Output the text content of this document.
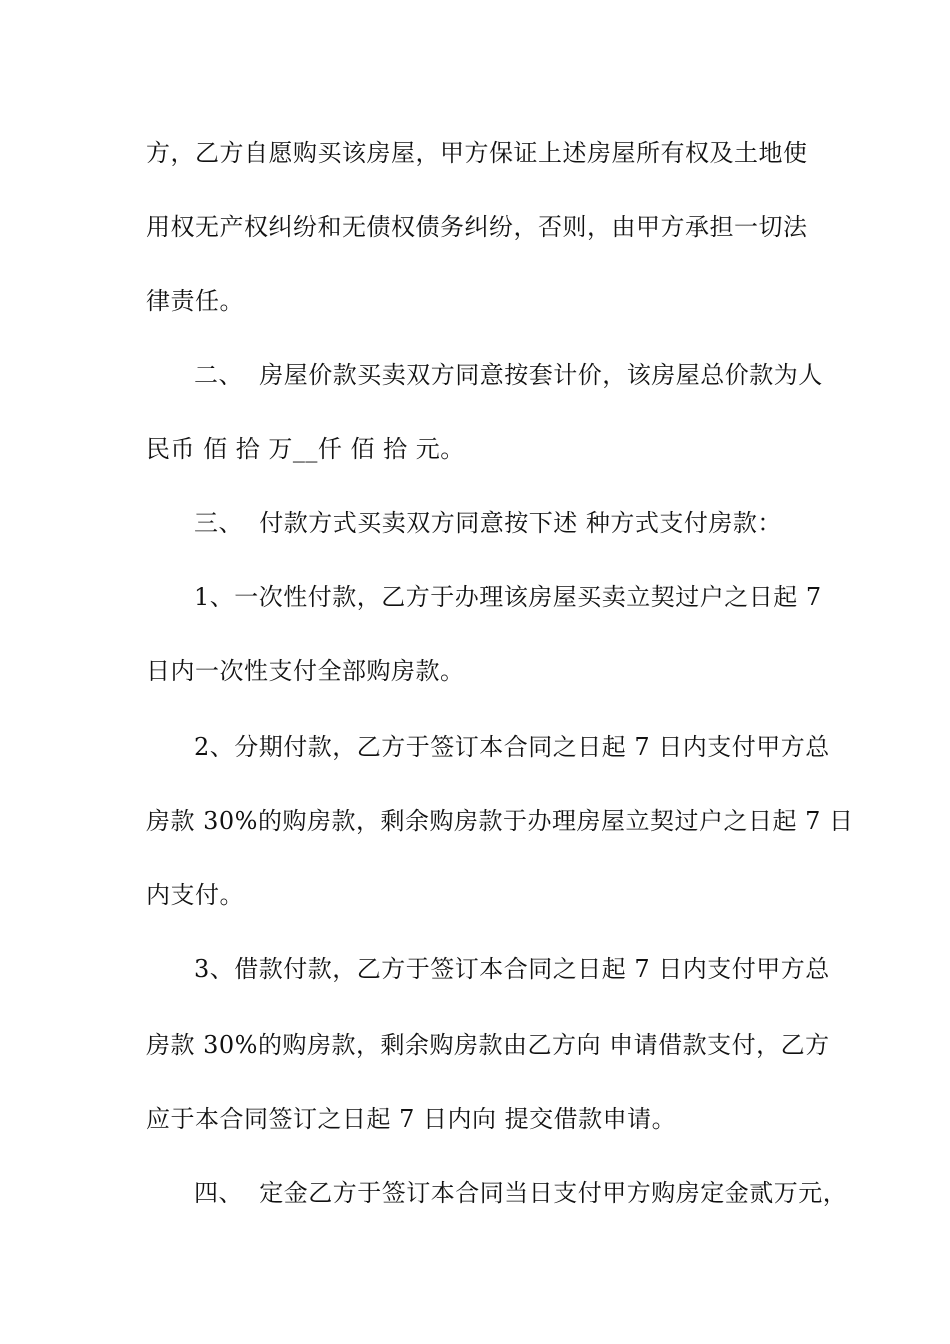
方，乙方自愿购买该房屋，甲方保证上述房屋所有权及土地使
用权无产权纠纷和无债权债务纠纷，否则，由甲方承担一切法
律责任。
二、  房屋价款买卖双方同意按套计价，该房屋总价款为人
民币 佰 拾 万__仟 佰 拾 元。
三、  付款方式买卖双方同意按下述 种方式支付房款：
1、一次性付款，乙方于办理该房屋买卖立契过户之日起 7
日内一次性支付全部购房款。
2、分期付款，乙方于签订本合同之日起 7 日内支付甲方总
房款 30%的购房款，剩余购房款于办理房屋立契过户之日起 7 日
内支付。
3、借款付款，乙方于签订本合同之日起 7 日内支付甲方总
房款 30%的购房款，剩余购房款由乙方向 申请借款支付，乙方
应于本合同签订之日起 7 日内向 提交借款申请。
四、  定金乙方于签订本合同当日支付甲方购房定金贰万元，
